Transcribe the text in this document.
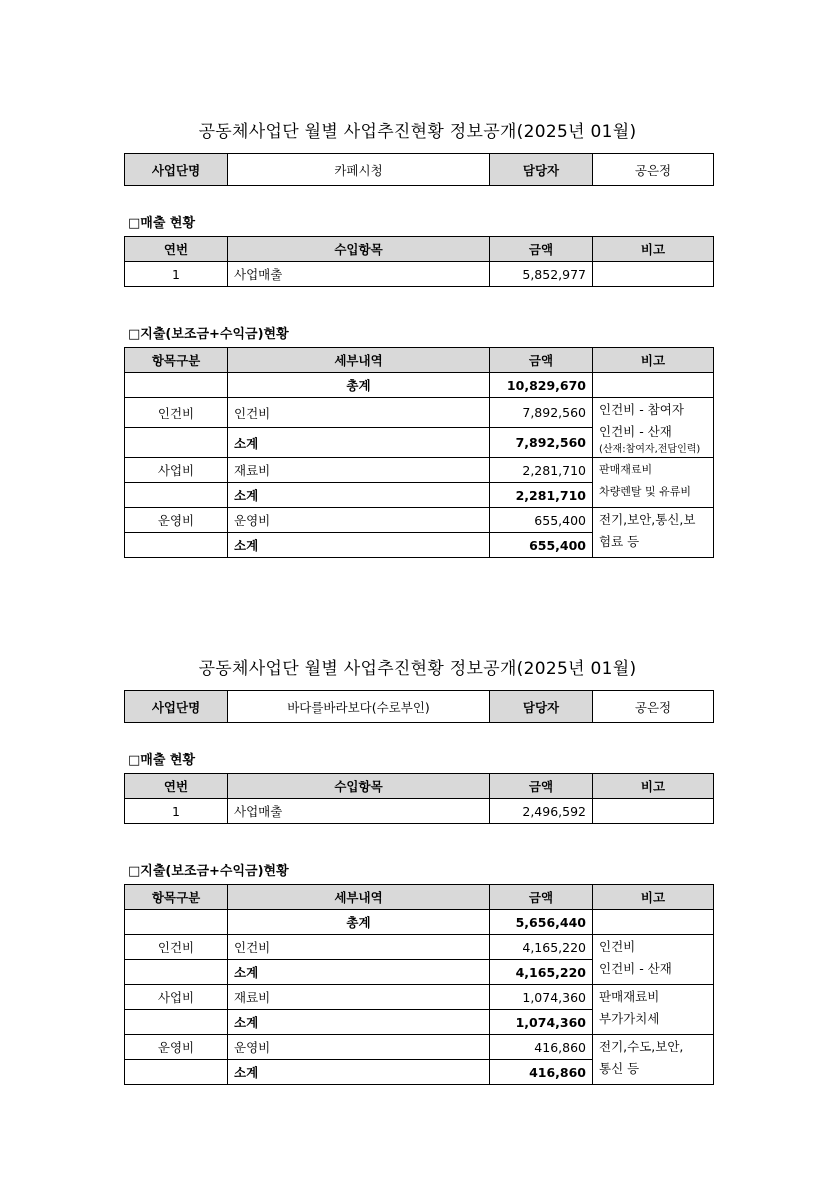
공동체사업단 월별 사업추진현황 정보공개(2025년 01월)
사업단명	카페시청	담당자	공은정
□매출 현황
연번	수입항목	금액	비고
1	사업매출	5,852,977	
□지출(보조금+수익금)현황
항목구분	세부내역	금액	비고
	총계	10,829,670	
인건비	인건비	7,892,560	인건비 - 참여자
인건비 - 산재
(산재:참여자,전담인력)

	소계	7,892,560	
사업비	재료비	2,281,710	판매재료비
차량렌탈 및 유류비

	소계	2,281,710	
운영비	운영비	655,400	전기,보안,통신,보
험료 등

	소계	655,400	
공동체사업단 월별 사업추진현황 정보공개(2025년 01월)
사업단명	바다를바라보다(수로부인)	담당자	공은정
□매출 현황
연번	수입항목	금액	비고
1	사업매출	2,496,592	
□지출(보조금+수익금)현황
항목구분	세부내역	금액	비고
	총계	5,656,440	
인건비	인건비	4,165,220	인건비
인건비 - 산재

	소계	4,165,220	
사업비	재료비	1,074,360	판매재료비
부가가치세

	소계	1,074,360	
운영비	운영비	416,860	전기,수도,보안,
통신 등

	소계	416,860	
